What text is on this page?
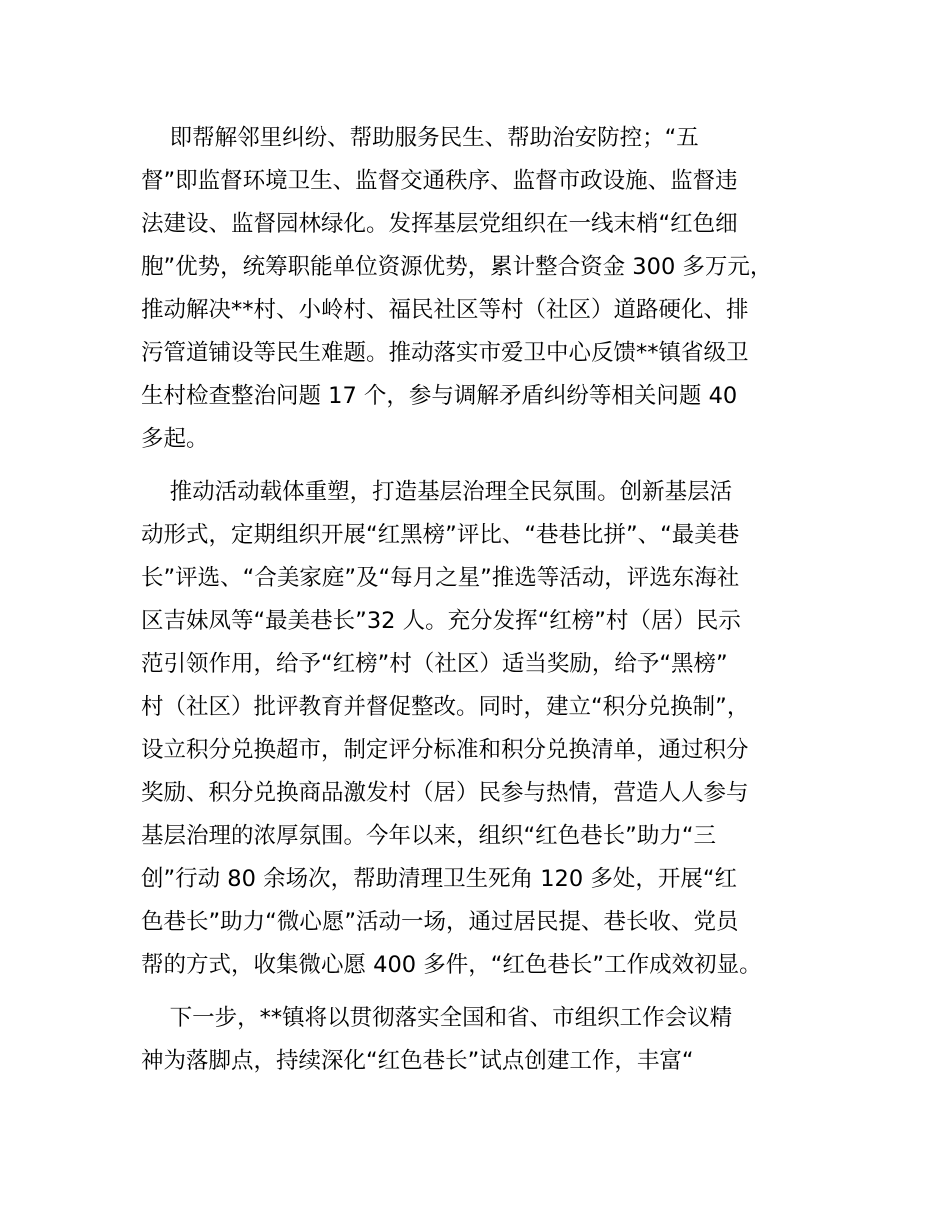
即帮解邻里纠纷、帮助服务民生、帮助治安防控；“五
督”即监督环境卫生、监督交通秩序、监督市政设施、监督违
法建设、监督园林绿化。发挥基层党组织在一线末梢“红色细
胞”优势，统筹职能单位资源优势，累计整合资金 300 多万元，
推动解决**村、小岭村、福民社区等村（社区）道路硬化、排
污管道铺设等民生难题。推动落实市爱卫中心反馈**镇省级卫
生村检查整治问题 17 个，参与调解矛盾纠纷等相关问题 40
多起。
推动活动载体重塑，打造基层治理全民氛围。创新基层活
动形式，定期组织开展“红黑榜”评比、“巷巷比拼”、“最美巷
长”评选、“合美家庭”及“每月之星”推选等活动，评选东海社
区吉妹凤等“最美巷长”32 人。充分发挥“红榜”村（居）民示
范引领作用，给予“红榜”村（社区）适当奖励，给予“黑榜”
村（社区）批评教育并督促整改。同时，建立“积分兑换制”，
设立积分兑换超市，制定评分标准和积分兑换清单，通过积分
奖励、积分兑换商品激发村（居）民参与热情，营造人人参与
基层治理的浓厚氛围。今年以来，组织“红色巷长”助力“三
创”行动 80 余场次，帮助清理卫生死角 120 多处，开展“红
色巷长”助力“微心愿”活动一场，通过居民提、巷长收、党员
帮的方式，收集微心愿 400 多件，“红色巷长”工作成效初显。
下一步，**镇将以贯彻落实全国和省、市组织工作会议精
神为落脚点，持续深化“红色巷长”试点创建工作，丰富“
